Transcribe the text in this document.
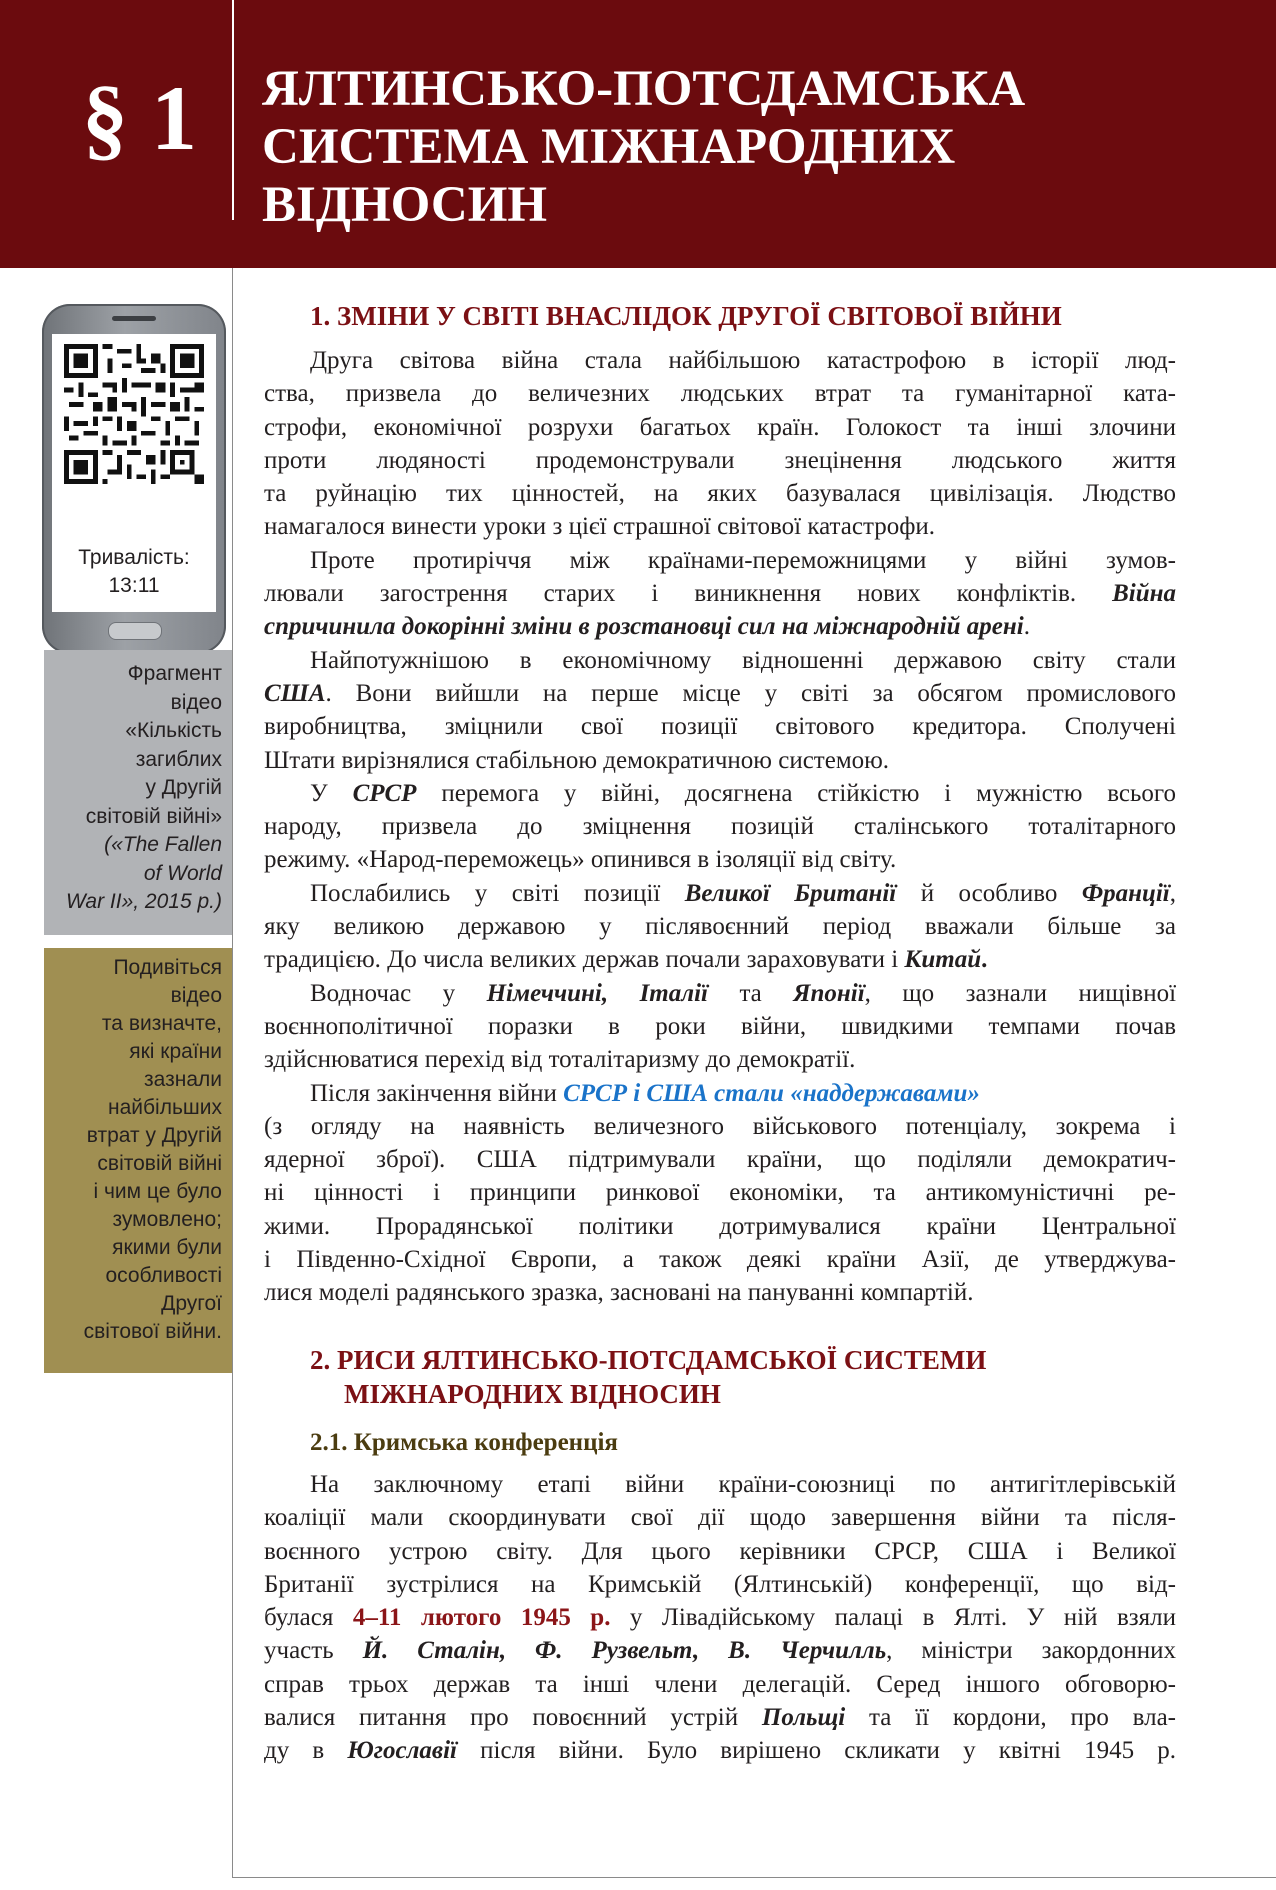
§ 1	ЯЛТИНСЬКО-ПОТСДАМСЬКА
СИСТЕМА МІЖНАРОДНИХ
ВІДНОСИН
Тривалість:
13:11
Фрагмент
відео
«Кількість
загиблих
у Другій
світовій війні»
(«The Fallen
of World
War II», 2015 р.)
Подивіться
відео
та визначте,
які країни
зазнали
найбільших
втрат у Другій
світовій війні
і чим це було
зумовлено;
якими були
особливості
Другої
світової війни.
1. ЗМІНИ У СВІТІ ВНАСЛІДОК ДРУГОЇ СВІТОВОЇ ВІЙНИ
Друга світова війна стала найбільшою катастрофою в історії люд-
ства, призвела до величезних людських втрат та гуманітарної ката-
строфи, економічної розрухи багатьох країн. Голокост та інші злочини
проти людяності продемонстрували знецінення людського життя
та руйнацію тих цінностей, на яких базувалася цивілізація. Людство
намагалося винести уроки з цієї страшної світової катастрофи.
Проте протиріччя між країнами-переможницями у війні зумов-
лювали загострення старих і виникнення нових конфліктів. Війна
спричинила докорінні зміни в розстановці сил на міжнародній арені.
Найпотужнішою в економічному відношенні державою світу стали
США. Вони вийшли на перше місце у світі за обсягом промислового
виробництва, зміцнили свої позиції світового кредитора. Сполучені
Штати вирізнялися стабільною демократичною системою.
У СРСР перемога у війні, досягнена стійкістю і мужністю всього
народу, призвела до зміцнення позицій сталінського тоталітарного
режиму. «Народ-переможець» опинився в ізоляції від світу.
Послабились у світі позиції Великої Британії й особливо Франції,
яку великою державою у післявоєнний період вважали більше за
традицією. До числа великих держав почали зараховувати і Китай.
Водночас у Німеччині, Італії та Японії, що зазнали нищівної
воєннополітичної поразки в роки війни, швидкими темпами почав
здійснюватися перехід від тоталітаризму до демократії.
Після закінчення війни СРСР і США стали «наддержавами»
(з огляду на наявність величезного військового потенціалу, зокрема і
ядерної зброї). США підтримували країни, що поділяли демократич-
ні цінності і принципи ринкової економіки, та антикомуністичні ре-
жими. Прорадянської політики дотримувалися країни Центральної
і Південно-Східної Європи, а також деякі країни Азії, де утверджува-
лися моделі радянського зразка, засновані на пануванні компартій.
2. РИСИ ЯЛТИНСЬКО-ПОТСДАМСЬКОЇ СИСТЕМИ
МІЖНАРОДНИХ ВІДНОСИН
2.1. Кримська конференція
На заключному етапі війни країни-союзниці по антигітлерівській
коаліції мали скоординувати свої дії щодо завершення війни та після-
воєнного устрою світу. Для цього керівники СРСР, США і Великої
Британії зустрілися на Кримській (Ялтинській) конференції, що від-
булася 4–11 лютого 1945 р. у Лівадійському палаці в Ялті. У ній взяли
участь Й. Сталін, Ф. Рузвельт, В. Черчилль, міністри закордонних
справ трьох держав та інші члени делегацій. Серед іншого обговорю-
валися питання про повоєнний устрій Польщі та її кордони, про вла-
ду в Югославії після війни. Було вирішено скликати у квітні 1945 р.
